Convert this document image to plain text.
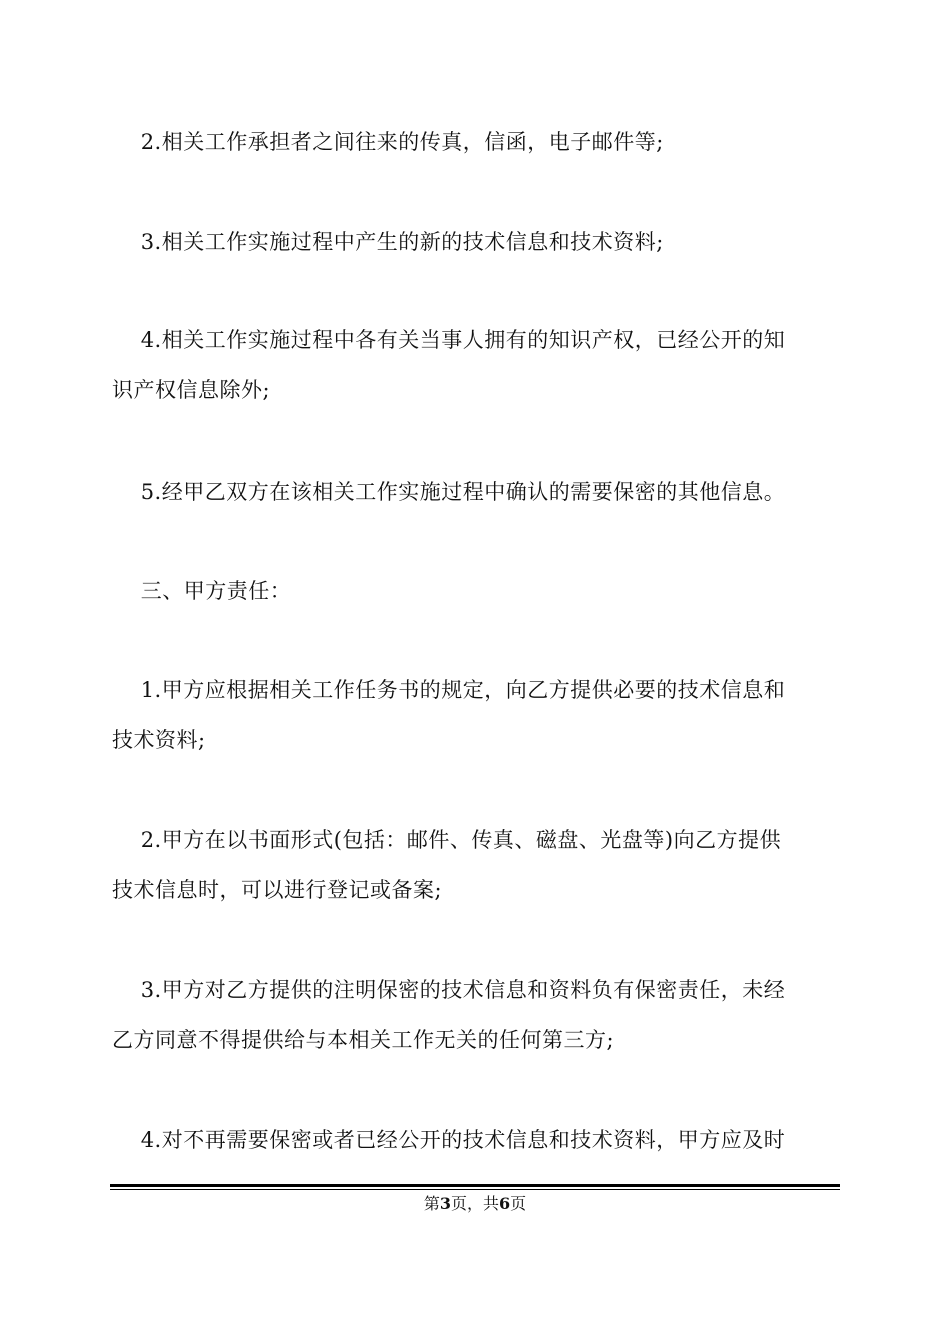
2.相关工作承担者之间往来的传真，信函，电子邮件等;
3.相关工作实施过程中产生的新的技术信息和技术资料;
4.相关工作实施过程中各有关当事人拥有的知识产权，已经公开的知
识产权信息除外;
5.经甲乙双方在该相关工作实施过程中确认的需要保密的其他信息。
三、甲方责任：
1.甲方应根据相关工作任务书的规定，向乙方提供必要的技术信息和
技术资料;
2.甲方在以书面形式(包括：邮件、传真、磁盘、光盘等)向乙方提供
技术信息时，可以进行登记或备案;
3.甲方对乙方提供的注明保密的技术信息和资料负有保密责任，未经
乙方同意不得提供给与本相关工作无关的任何第三方;
4.对不再需要保密或者已经公开的技术信息和技术资料，甲方应及时
第3页，共6页
